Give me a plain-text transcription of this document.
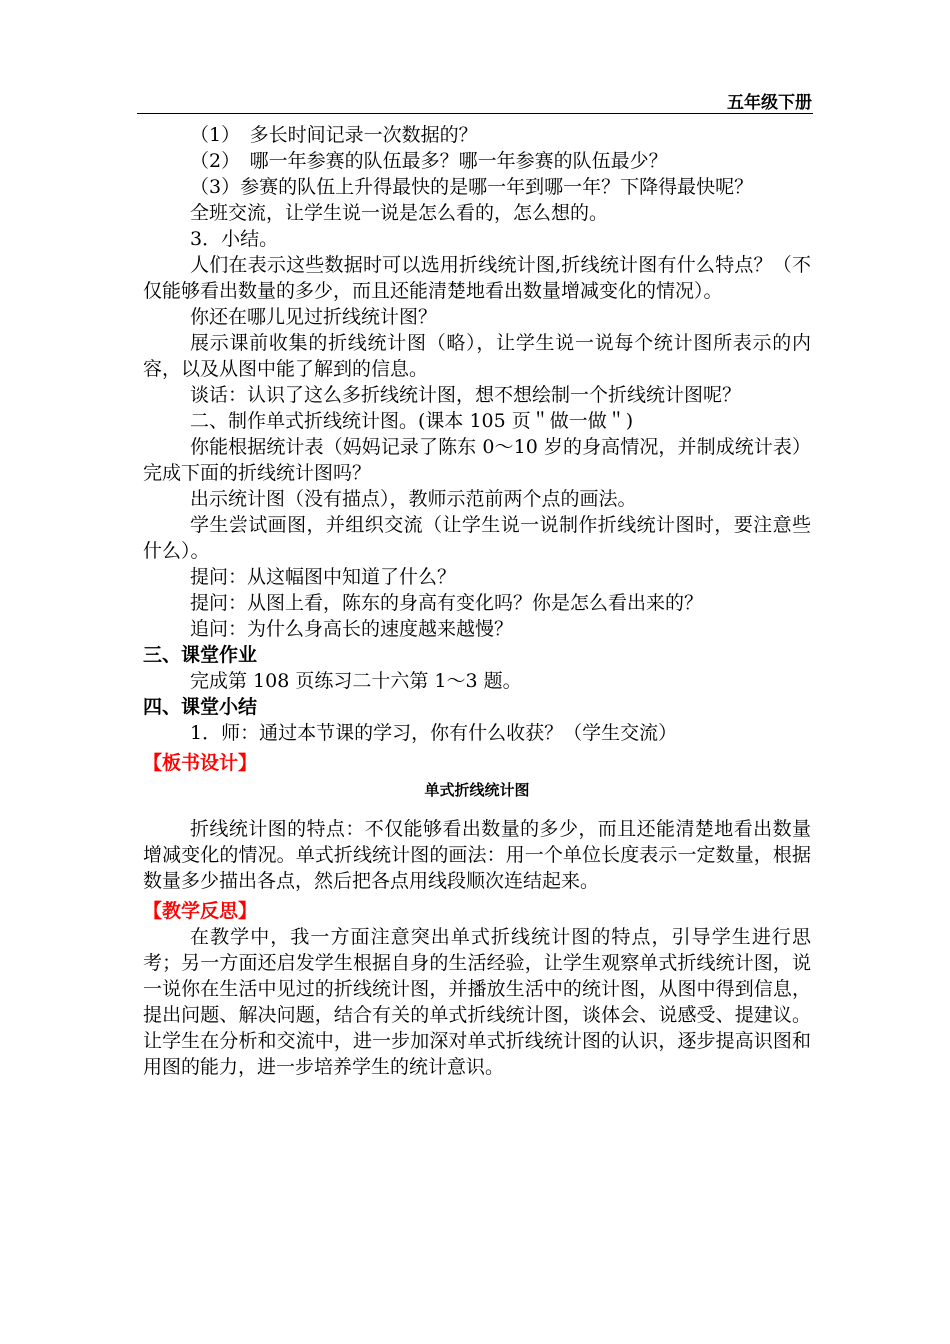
五年级下册

（1）　多长时间记录一次数据的？

（2）　哪一年参赛的队伍最多？哪一年参赛的队伍最少？

（3）参赛的队伍上升得最快的是哪一年到哪一年？下降得最快呢？

全班交流，让学生说一说是怎么看的，怎么想的。

3．小结。

人们在表示这些数据时可以选用折线统计图,折线统计图有什么特点？（不仅能够看出数量的多少，而且还能清楚地看出数量增减变化的情况）。

你还在哪儿见过折线统计图？

展示课前收集的折线统计图（略），让学生说一说每个统计图所表示的内容，以及从图中能了解到的信息。

谈话：认识了这么多折线统计图，想不想绘制一个折线统计图呢？

二、制作单式折线统计图。(课本 105 页＂做一做＂)

你能根据统计表（妈妈记录了陈东 0～10 岁的身高情况，并制成统计表）完成下面的折线统计图吗？

出示统计图（没有描点），教师示范前两个点的画法。

学生尝试画图，并组织交流（让学生说一说制作折线统计图时，要注意些什么）。

提问：从这幅图中知道了什么？

提问：从图上看，陈东的身高有变化吗？你是怎么看出来的？

追问：为什么身高长的速度越来越慢？

三、课堂作业

完成第 108 页练习二十六第 1～3 题。

四、课堂小结

1．师：通过本节课的学习，你有什么收获？（学生交流）

【板书设计】

单式折线统计图

折线统计图的特点：不仅能够看出数量的多少，而且还能清楚地看出数量增减变化的情况。单式折线统计图的画法：用一个单位长度表示一定数量，根据数量多少描出各点，然后把各点用线段顺次连结起来。

【教学反思】

在教学中，我一方面注意突出单式折线统计图的特点，引导学生进行思考；另一方面还启发学生根据自身的生活经验，让学生观察单式折线统计图，说一说你在生活中见过的折线统计图，并播放生活中的统计图，从图中得到信息，提出问题、解决问题，结合有关的单式折线统计图，谈体会、说感受、提建议。让学生在分析和交流中，进一步加深对单式折线统计图的认识，逐步提高识图和用图的能力，进一步培养学生的统计意识。
